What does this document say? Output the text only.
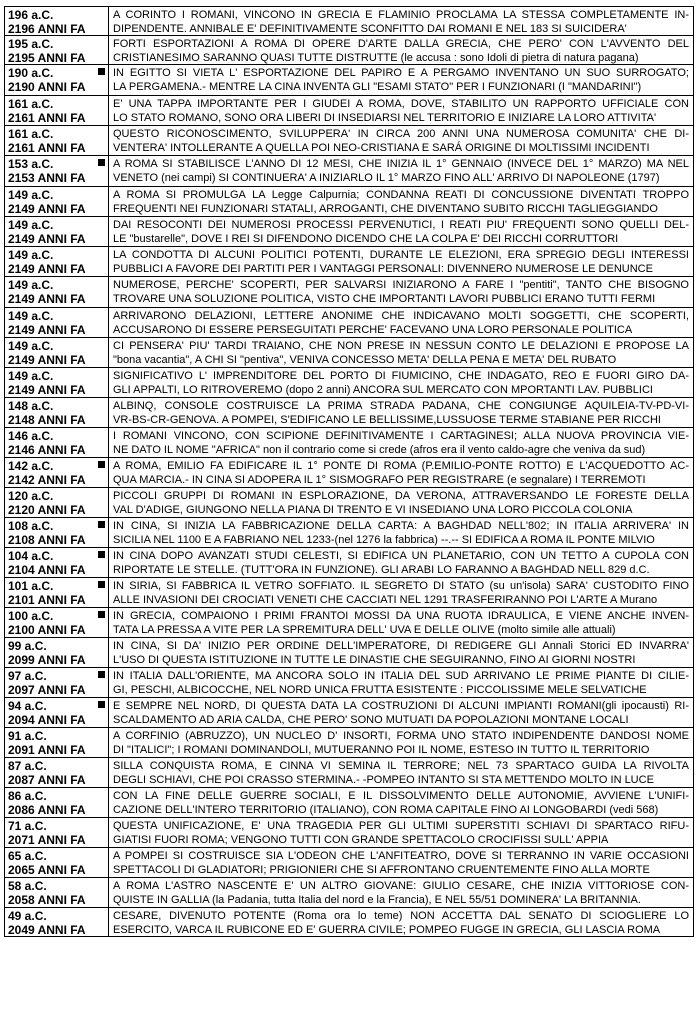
196 a.C.
2196 ANNI FA
A CORINTO I ROMANI, VINCONO IN GRECIA E FLAMINIO PROCLAMA LA STESSA COMPLETAMENTE IN-
DIPENDENTE. ANNIBALE E' DEFINITIVAMENTE SCONFITTO DAI ROMANI E NEL 183 SI SUICIDERA'
195 a.C.
2195 ANNI FA
FORTI ESPORTAZIONI A ROMA DI OPERE D'ARTE DALLA GRECIA, CHE PERO' CON L'AVVENTO DEL
CRISTIANESIMO SARANNO QUASI TUTTE DISTRUTTE (le accusa : sono Idoli di pietra di natura pagana)
190 a.C.
2190 ANNI FA
IN EGITTO SI VIETA L' ESPORTAZIONE DEL PAPIRO E A PERGAMO INVENTANO UN SUO SURROGATO;
LA PERGAMENA.- MENTRE LA CINA INVENTA GLI "ESAMI STATO" PER I FUNZIONARI (I "MANDARINI")
161 a.C.
2161 ANNI FA
E' UNA TAPPA IMPORTANTE PER I GIUDEI A ROMA, DOVE, STABILITO UN RAPPORTO UFFICIALE CON
LO STATO ROMANO, SONO ORA LIBERI DI INSEDIARSI NEL TERRITORIO E INIZIARE LA LORO ATTIVITA'
161 a.C.
2161 ANNI FA
QUESTO RICONOSCIMENTO, SVILUPPERA' IN CIRCA 200 ANNI UNA NUMEROSA COMUNITA' CHE DI-
VENTERA' INTOLLERANTE A QUELLA POI NEO-CRISTIANA E SARÁ ORIGINE DI MOLTISSIMI INCIDENTI
153 a.C.
2153 ANNI FA
A ROMA SI STABILISCE L'ANNO DI 12 MESI, CHE INIZIA IL 1° GENNAIO (INVECE DEL 1° MARZO) MA NEL
VENETO (nei campi) SI CONTINUERA' A INIZIARLO IL 1° MARZO FINO ALL' ARRIVO DI NAPOLEONE (1797)
149 a.C.
2149 ANNI FA
A ROMA SI PROMULGA LA Legge Calpurnia; CONDANNA REATI DI CONCUSSIONE DIVENTATI TROPPO
FREQUENTI NEI FUNZIONARI STATALI, ARROGANTI, CHE DIVENTANO SUBITO RICCHI TAGLIEGGIANDO
149 a.C.
2149 ANNI FA
DAI RESOCONTI DEI NUMEROSI PROCESSI PERVENUTICI, I REATI PIU' FREQUENTI SONO QUELLI DEL-
LE "bustarelle", DOVE I REI SI DIFENDONO DICENDO CHE LA COLPA E' DEI RICCHI CORRUTTORI
149 a.C.
2149 ANNI FA
LA CONDOTTA DI ALCUNI POLITICI POTENTI, DURANTE LE ELEZIONI, ERA SPREGIO DEGLI INTERESSI
PUBBLICI A FAVORE DEI PARTITI PER I VANTAGGI PERSONALI: DIVENNERO NUMEROSE LE DENUNCE
149 a.C.
2149 ANNI FA
NUMEROSE, PERCHE' SCOPERTI, PER SALVARSI INIZIARONO A FARE I "pentiti", TANTO CHE BISOGNO
TROVARE UNA SOLUZIONE POLITICA, VISTO CHE IMPORTANTI LAVORI PUBBLICI ERANO TUTTI FERMI
149 a.C.
2149 ANNI FA
ARRIVARONO DELAZIONI, LETTERE ANONIME CHE INDICAVANO MOLTI SOGGETTI, CHE SCOPERTI,
ACCUSARONO DI ESSERE PERSEGUITATI PERCHE' FACEVANO UNA LORO PERSONALE POLITICA
149 a.C.
2149 ANNI FA
CI PENSERA' PIU' TARDI TRAIANO, CHE NON PRESE IN NESSUN CONTO LE DELAZIONI E PROPOSE LA
"bona vacantia", A CHI SI "pentiva", VENIVA CONCESSO META' DELLA PENA E META' DEL RUBATO
149 a.C.
2149 ANNI FA
SIGNIFICATIVO L' IMPRENDITORE DEL PORTO DI FIUMICINO, CHE INDAGATO, REO E FUORI GIRO DA-
GLI APPALTI, LO RITROVEREMO (dopo 2 anni) ANCORA SUL MERCATO CON MPORTANTI LAV. PUBBLICI
148 a.C.
2148 ANNI FA
ALBINQ, CONSOLE COSTRUISCE LA PRIMA STRADA PADANA, CHE CONGIUNGE AQUILEIA-TV-PD-VI-
VR-BS-CR-GENOVA. A POMPEI, S'EDIFICANO LE BELLISSIME,LUSSUOSE TERME STABIANE PER RICCHI
146 a.C.
2146 ANNI FA
I ROMANI VINCONO, CON SCIPIONE DEFINITIVAMENTE I CARTAGINESI; ALLA NUOVA PROVINCIA VIE-
NE DATO IL NOME "AFRICA" non il contrario come si crede (afros era il vento caldo-agre che veniva da sud)
142 a.C.
2142 ANNI FA
A ROMA, EMILIO FA EDIFICARE IL 1° PONTE DI ROMA (P.EMILIO-PONTE ROTTO) E L'ACQUEDOTTO AC-
QUA MARCIA.- IN CINA SI ADOPERA IL 1° SISMOGRAFO PER REGISTRARE (e segnalare) I TERREMOTI
120 a.C.
2120 ANNI FA
PICCOLI GRUPPI DI ROMANI IN ESPLORAZIONE, DA VERONA, ATTRAVERSANDO LE FORESTE DELLA
VAL D'ADIGE, GIUNGONO NELLA PIANA DI TRENTO E VI INSEDIANO UNA LORO PICCOLA COLONIA
108 a.C.
2108 ANNI FA
IN CINA, SI INIZIA LA FABBRICAZIONE DELLA CARTA: A BAGHDAD NELL'802; IN ITALIA ARRIVERA' IN
SICILIA NEL 1100 E A FABRIANO NEL 1233-(nel 1276 la fabbrica) --.-- SI EDIFICA A ROMA IL PONTE MILVIO
104 a.C.
2104 ANNI FA
IN CINA DOPO AVANZATI STUDI CELESTI, SI EDIFICA UN PLANETARIO, CON UN TETTO A CUPOLA CON
RIPORTATE LE STELLE. (TUTT'ORA IN FUNZIONE). GLI ARABI LO FARANNO A BAGHDAD NELL 829 d.C.
101 a.C.
2101 ANNI FA
IN SIRIA, SI FABBRICA IL VETRO SOFFIATO. IL SEGRETO DI STATO (su un'isola) SARA' CUSTODITO FINO
ALLE INVASIONI DEI CROCIATI VENETI CHE CACCIATI NEL 1291 TRASFERIRANNO POI L'ARTE A Murano
100 a.C.
2100 ANNI FA
IN GRECIA, COMPAIONO I PRIMI FRANTOI MOSSI DA UNA RUOTA IDRAULICA, E VIENE ANCHE INVEN-
TATA LA PRESSA A VITE PER LA SPREMITURA DELL' UVA E DELLE OLIVE (molto simile alle attuali)
99 a.C.
2099 ANNI FA
IN CINA, SI DA' INIZIO PER ORDINE DELL'IMPERATORE, DI REDIGERE GLI Annali Storici ED INVARRA'
L'USO DI QUESTA ISTITUZIONE IN TUTTE LE DINASTIE CHE SEGUIRANNO, FINO AI GIORNI NOSTRI
97 a.C.
2097 ANNI FA
IN ITALIA DALL'ORIENTE, MA ANCORA SOLO IN ITALIA DEL SUD ARRIVANO LE PRIME PIANTE DI CILIE-
GI, PESCHI, ALBICOCCHE, NEL NORD UNICA FRUTTA ESISTENTE : PICCOLISSIME MELE SELVATICHE
94 a.C.
2094 ANNI FA
E SEMPRE NEL NORD, DI QUESTA DATA LA COSTRUZIONI DI ALCUNI IMPIANTI ROMANI(gli ipocausti) RI-
SCALDAMENTO AD ARIA CALDA, CHE PERO' SONO MUTUATI DA POPOLAZIONI MONTANE LOCALI
91 a.C.
2091 ANNI FA
A CORFINIO (ABRUZZO), UN NUCLEO D' INSORTI, FORMA UNO STATO INDIPENDENTE DANDOSI NOME
DI "ITALICI"; I ROMANI DOMINANDOLI, MUTUERANNO POI IL NOME, ESTESO IN TUTTO IL TERRITORIO
87 a.C.
2087 ANNI FA
SILLA CONQUISTA ROMA, E CINNA VI SEMINA IL TERRORE; NEL 73 SPARTACO GUIDA LA RIVOLTA
DEGLI SCHIAVI, CHE POI CRASSO STERMINA.- -POMPEO INTANTO SI STA METTENDO MOLTO IN LUCE
86 a.C.
2086 ANNI FA
CON LA FINE DELLE GUERRE SOCIALI, E IL DISSOLVIMENTO DELLE AUTONOMIE, AVVIENE L'UNIFI-
CAZIONE DELL'INTERO TERRITORIO (ITALIANO), CON ROMA CAPITALE FINO AI LONGOBARDI (vedi 568)
71 a.C.
2071 ANNI FA
QUESTA UNIFICAZIONE, E' UNA TRAGEDIA PER GLI ULTIMI SUPERSTITI SCHIAVI DI SPARTACO RIFU-
GIATISI FUORI ROMA; VENGONO TUTTI CON GRANDE SPETTACOLO CROCIFISSI SULL' APPIA
65 a.C.
2065 ANNI FA
A POMPEI SI COSTRUISCE SIA L'ODEON CHE L'ANFITEATRO, DOVE SI TERRANNO IN VARIE OCCASIONI
SPETTACOLI DI GLADIATORI; PRIGIONIERI CHE SI AFFRONTANO CRUENTEMENTE FINO ALLA MORTE
58 a.C.
2058 ANNI FA
A ROMA L'ASTRO NASCENTE E' UN ALTRO GIOVANE: GIULIO CESARE, CHE INIZIA VITTORIOSE CON-
QUISTE IN GALLIA (la Padania, tutta Italia del nord e la Francia), E NEL 55/51 DOMINERA' LA BRITANNIA.
49 a.C.
2049 ANNI FA
CESARE, DIVENUTO POTENTE (Roma ora lo teme) NON ACCETTA DAL SENATO DI SCIOGLIERE LO
ESERCITO, VARCA IL RUBICONE ED E' GUERRA CIVILE; POMPEO FUGGE IN GRECIA, GLI LASCIA ROMA
